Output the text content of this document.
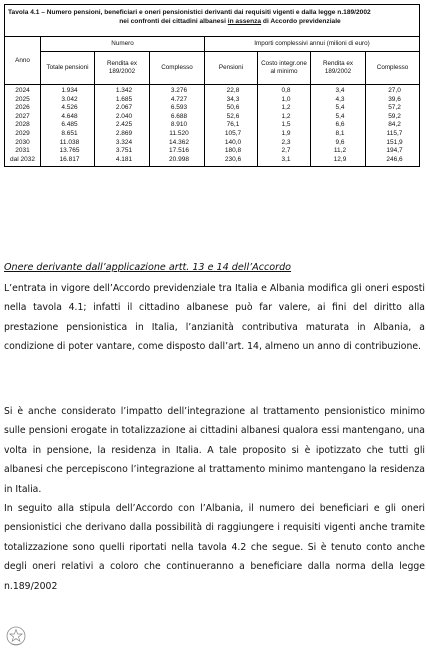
Tavola 4.1 – Numero pensioni, beneficiari e oneri pensionistici derivanti dai requisiti vigenti e dalla legge n.189/2002
nei confronti dei cittadini albanesi in assenza di Accordo previdenziale							

Anno	Numero			Importi complessivi annui (milioni di euro)			
	Totale pensioni	Rendita ex 189/2002	Complesso	Pensioni	Costo integr.one al minimo	Rendita ex 189/2002	Complesso
2024	1.934	1.342	3.276	22,8	0,8	3,4	27,0
2025	3.042	1.685	4.727	34,3	1,0	4,3	39,6
2026	4.526	2.067	6.593	50,6	1,2	5,4	57,2
2027	4.648	2.040	6.688	52,6	1,2	5,4	59,2
2028	6.485	2.425	8.910	76,1	1,5	6,6	84,2
2029	8.651	2.869	11.520	105,7	1,9	8,1	115,7
2030	11.038	3.324	14.362	140,0	2,3	9,6	151,9
2031	13.765	3.751	17.516	180,8	2,7	11,2	194,7
dal 2032	16.817	4.181	20.998	230,6	3,1	12,9	246,6
Onere derivante dall’applicazione artt. 13 e 14 dell’Accordo

L’entrata in vigore dell’Accordo previdenziale tra Italia e Albania modifica gli oneri esposti nella tavola 4.1; infatti il cittadino albanese può far valere, ai fini del diritto alla prestazione pensionistica in Italia, l’anzianità contributiva maturata in Albania, a condizione di poter vantare, come disposto dall’art. 14, almeno un anno di contribuzione.

Si è anche considerato l’impatto dell’integrazione al trattamento pensionistico minimo sulle pensioni erogate in totalizzazione ai cittadini albanesi qualora essi mantengano, una volta in pensione, la residenza in Italia. A tale proposito si è ipotizzato che tutti gli albanesi che percepiscono l’integrazione al trattamento minimo mantengano la residenza in Italia.

In seguito alla stipula dell’Accordo con l’Albania, il numero dei beneficiari e gli oneri pensionistici che derivano dalla possibilità di raggiungere i requisiti vigenti anche tramite totalizzazione sono quelli riportati nella tavola 4.2 che segue. Si è tenuto conto anche degli oneri relativi a coloro che continueranno a beneficiare dalla norma della legge n.189/2002
